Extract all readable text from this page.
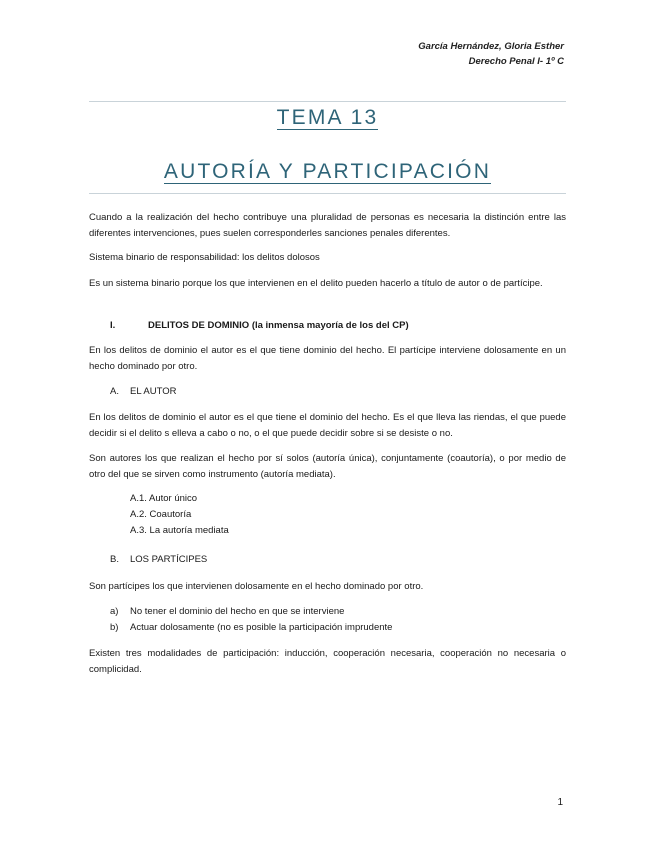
García Hernández, Gloria Esther
Derecho Penal I- 1º C
TEMA 13
AUTORÍA Y PARTICIPACIÓN
Cuando a la realización del hecho contribuye una pluralidad de personas es necesaria la distinción entre las diferentes intervenciones, pues suelen corresponderles sanciones penales diferentes.
Sistema binario de responsabilidad: los delitos dolosos
Es un sistema binario porque los que intervienen en el delito pueden hacerlo a título de autor o de partícipe.
I.	DELITOS DE DOMINIO (la inmensa mayoría de los del CP)
En los delitos de dominio el autor es el que tiene dominio del hecho. El partícipe interviene dolosamente en un hecho dominado por otro.
A. EL AUTOR
En los delitos de dominio el autor es el que tiene el dominio del hecho. Es el que lleva las riendas, el que puede decidir si el delito s elleva a cabo o no, o el que puede decidir sobre si se desiste o no.
Son autores los que realizan el hecho por sí solos (autoría única), conjuntamente (coautoría), o por medio de otro del que se sirven como instrumento (autoría mediata).
A.1. Autor único
A.2. Coautoría
A.3. La autoría mediata
B. LOS PARTÍCIPES
Son partícipes los que intervienen dolosamente en el hecho dominado por otro.
a) No tener el dominio del hecho en que se interviene
b) Actuar dolosamente (no es posible la participación imprudente
Existen tres modalidades de participación: inducción, cooperación necesaria, cooperación no necesaria o complicidad.
1
